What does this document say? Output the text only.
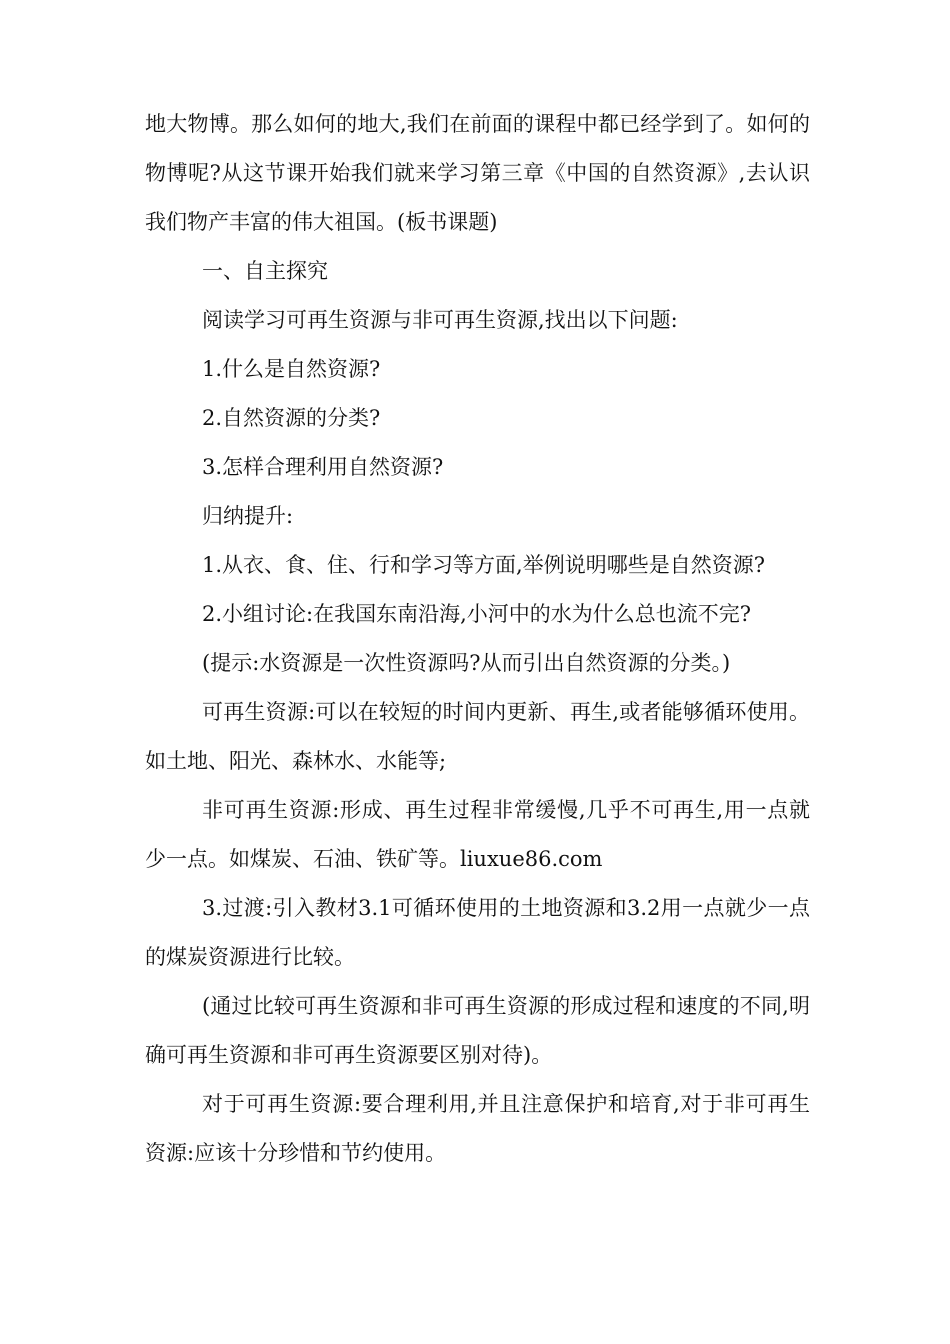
地大物博。那么如何的地大,我们在前面的课程中都已经学到了。如何的物博呢?从这节课开始我们就来学习第三章《中国的自然资源》,去认识我们物产丰富的伟大祖国。(板书课题)

一、自主探究

阅读学习可再生资源与非可再生资源,找出以下问题:

1.什么是自然资源?

2.自然资源的分类?

3.怎样合理利用自然资源?

归纳提升:

1.从衣、食、住、行和学习等方面,举例说明哪些是自然资源?

2.小组讨论:在我国东南沿海,小河中的水为什么总也流不完?

(提示:水资源是一次性资源吗?从而引出自然资源的分类。)

可再生资源:可以在较短的时间内更新、再生,或者能够循环使用。如土地、阳光、森林水、水能等;

非可再生资源:形成、再生过程非常缓慢,几乎不可再生,用一点就少一点。如煤炭、石油、铁矿等。liuxue86.com

3.过渡:引入教材3.1可循环使用的土地资源和3.2用一点就少一点的煤炭资源进行比较。

(通过比较可再生资源和非可再生资源的形成过程和速度的不同,明确可再生资源和非可再生资源要区别对待)。

对于可再生资源:要合理利用,并且注意保护和培育,对于非可再生资源:应该十分珍惜和节约使用。
